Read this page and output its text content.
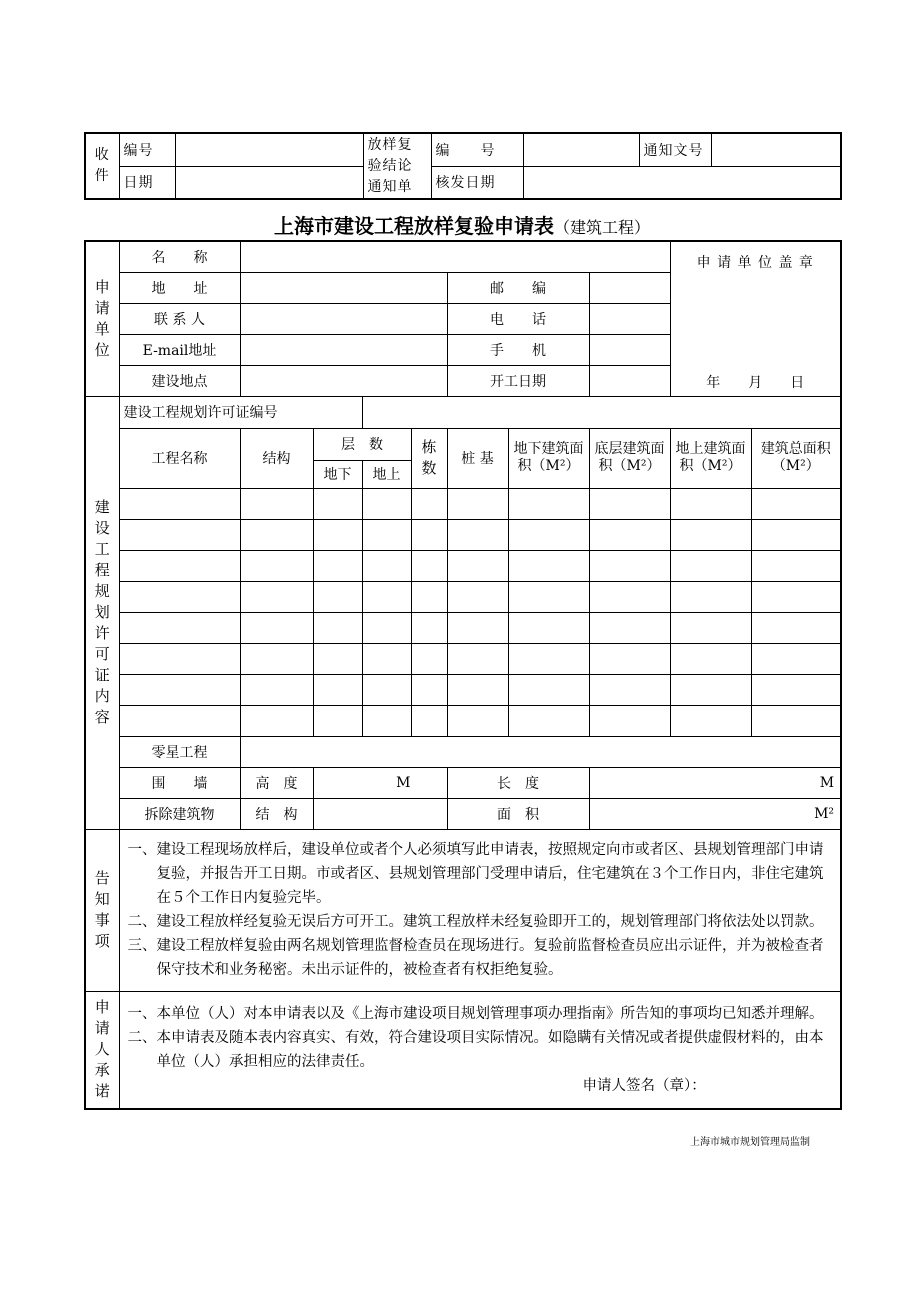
收件	编号		放样复验结论通知单	编　　号		通知文号	
	日期			核发日期			
上海市建设工程放样复验申请表（建筑工程）
申请单位	名　　称								申 请 单 位 盖 章
年　　月　　日	

	地　　址					邮　　编				
	联 系 人					电　　话				
	E-mail地址					手　　机				
	建设地点					开工日期				

建设工程规划许可证内容	建设工程规划许可证编号									
	工程名称	结构	层　数		栋数	桩 基	地下建筑面积（M²）	底层建筑面积（M²）	地上建筑面积（M²）	建筑总面积（M²）
			地下	地上						

	零星工程									
	围　　墙	高　度	M			长　度		M		
	拆除建筑物	结　构				面　积		M²		

告知事项	一、建设工程现场放样后，建设单位或者个人必须填写此申请表，按照规定向市或者区、县规划管理部门申请复验，并报告开工日期。市或者区、县规划管理部门受理申请后，住宅建筑在３个工作日内，非住宅建筑在５个工作日内复验完毕。

二、建设工程放样经复验无误后方可开工。建筑工程放样未经复验即开工的，规划管理部门将依法处以罚款。

三、建设工程放样复验由两名规划管理监督检查员在现场进行。复验前监督检查员应出示证件，并为被检查者保守技术和业务秘密。未出示证件的，被检查者有权拒绝复验。									

申请人承诺	一、本单位（人）对本申请表以及《上海市建设项目规划管理事项办理指南》所告知的事项均已知悉并理解。

二、本申请表及随本表内容真实、有效，符合建设项目实际情况。如隐瞒有关情况或者提供虚假材料的，由本单位（人）承担相应的法律责任。

申请人签名（章）：									
上海市城市规划管理局监制
